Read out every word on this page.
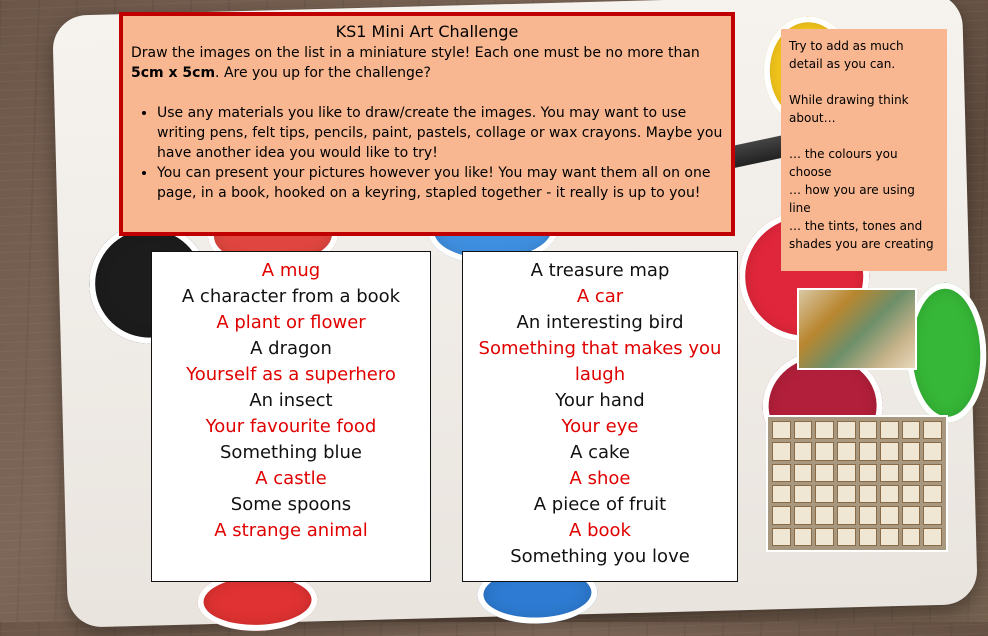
KS1 Mini Art Challenge

Draw the images on the list in a miniature style! Each one must be no more than 5cm x 5cm. Are you up for the challenge?

• Use any materials you like to draw/create the images. You may want to use writing pens, felt tips, pencils, paint, pastels, collage or wax crayons. Maybe you have another idea you would like to try!
• You can present your pictures however you like! You may want them all on one page, in a book, hooked on a keyring, stapled together - it really is up to you!

Try to add as much detail as you can.

While drawing think about…

… the colours you choose

… how you are using line

… the tints, tones and shades you are creating

A mug
A character from a book
A plant or flower
A dragon
Yourself as a superhero
An insect
Your favourite food
Something blue
A castle
Some spoons
A strange animal
A treasure map
A car
An interesting bird
Something that makes you laugh
Your hand
Your eye
A cake
A shoe
A piece of fruit
A book
Something you love
